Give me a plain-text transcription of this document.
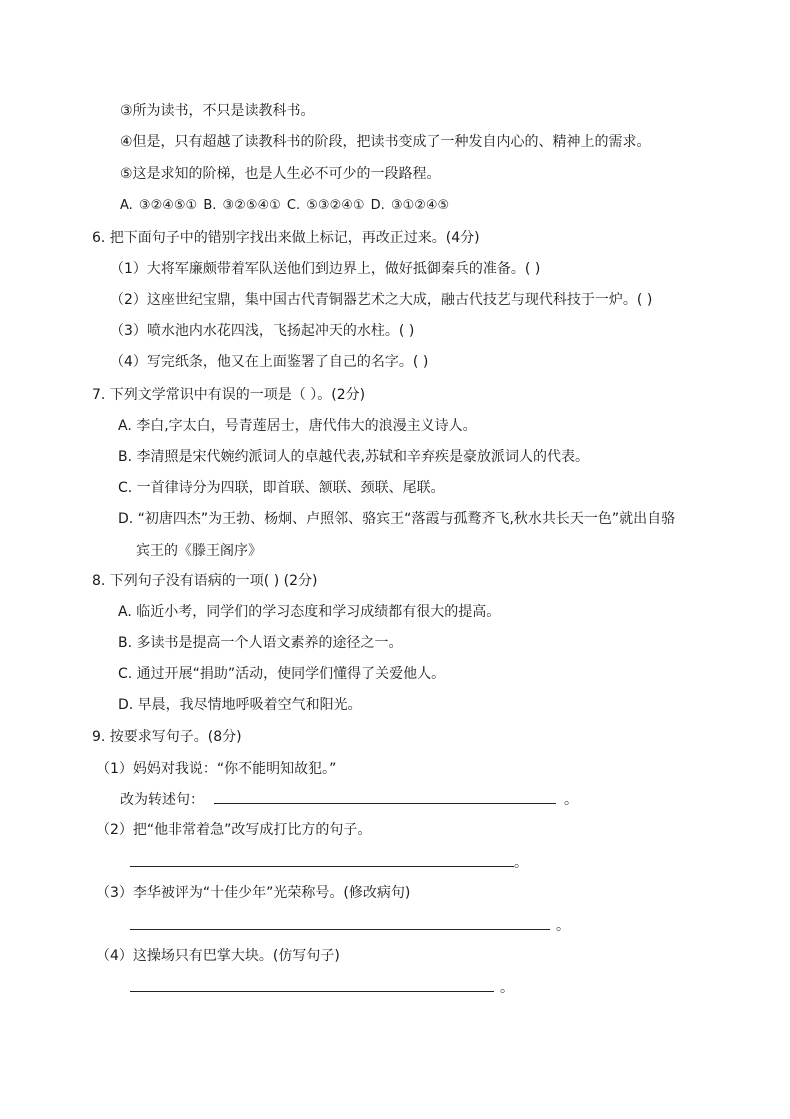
③所为读书，不只是读教科书。
④但是，只有超越了读教科书的阶段，把读书变成了一种发自内心的、精神上的需求。
⑤这是求知的阶梯，也是人生必不可少的一段路程。
A. ③②④⑤① B. ③②⑤④① C. ⑤③②④① D. ③①②④⑤
6. 把下面句子中的错别字找出来做上标记，再改正过来。(4分)
（1）大将军廉颇带着军队送他们到边界上，做好抵御秦兵的准备。( )
（2）这座世纪宝鼎，集中国古代青铜器艺术之大成，融古代技艺与现代科技于一炉。( )
（3）喷水池内水花四浅，飞扬起冲天的水柱。( )
（4）写完纸条，他又在上面鉴署了自己的名字。( )
7. 下列文学常识中有误的一项是（ ）。(2分)
A. 李白,字太白，号青莲居士，唐代伟大的浪漫主义诗人。
B. 李清照是宋代婉约派词人的卓越代表,苏轼和辛弃疾是豪放派词人的代表。
C. 一首律诗分为四联，即首联、颔联、颈联、尾联。
D. “初唐四杰”为王勃、杨炯、卢照邻、骆宾王“落霞与孤鹜齐飞,秋水共长天一色”就出自骆
宾王的《滕王阁序》
8. 下列句子没有语病的一项( ) (2分)
A. 临近小考，同学们的学习态度和学习成绩都有很大的提高。
B. 多读书是提高一个人语文素养的途径之一。
C. 通过开展“捐助”活动，使同学们懂得了关爱他人。
D. 早晨，我尽情地呼吸着空气和阳光。
9. 按要求写句子。(8分)
（1）妈妈对我说：“你不能明知故犯。”
改为转述句：	。
（2）把“他非常着急”改写成打比方的句子。
。
（3）李华被评为“十佳少年”光荣称号。(修改病句)
。
（4）这操场只有巴掌大块。(仿写句子)
。
